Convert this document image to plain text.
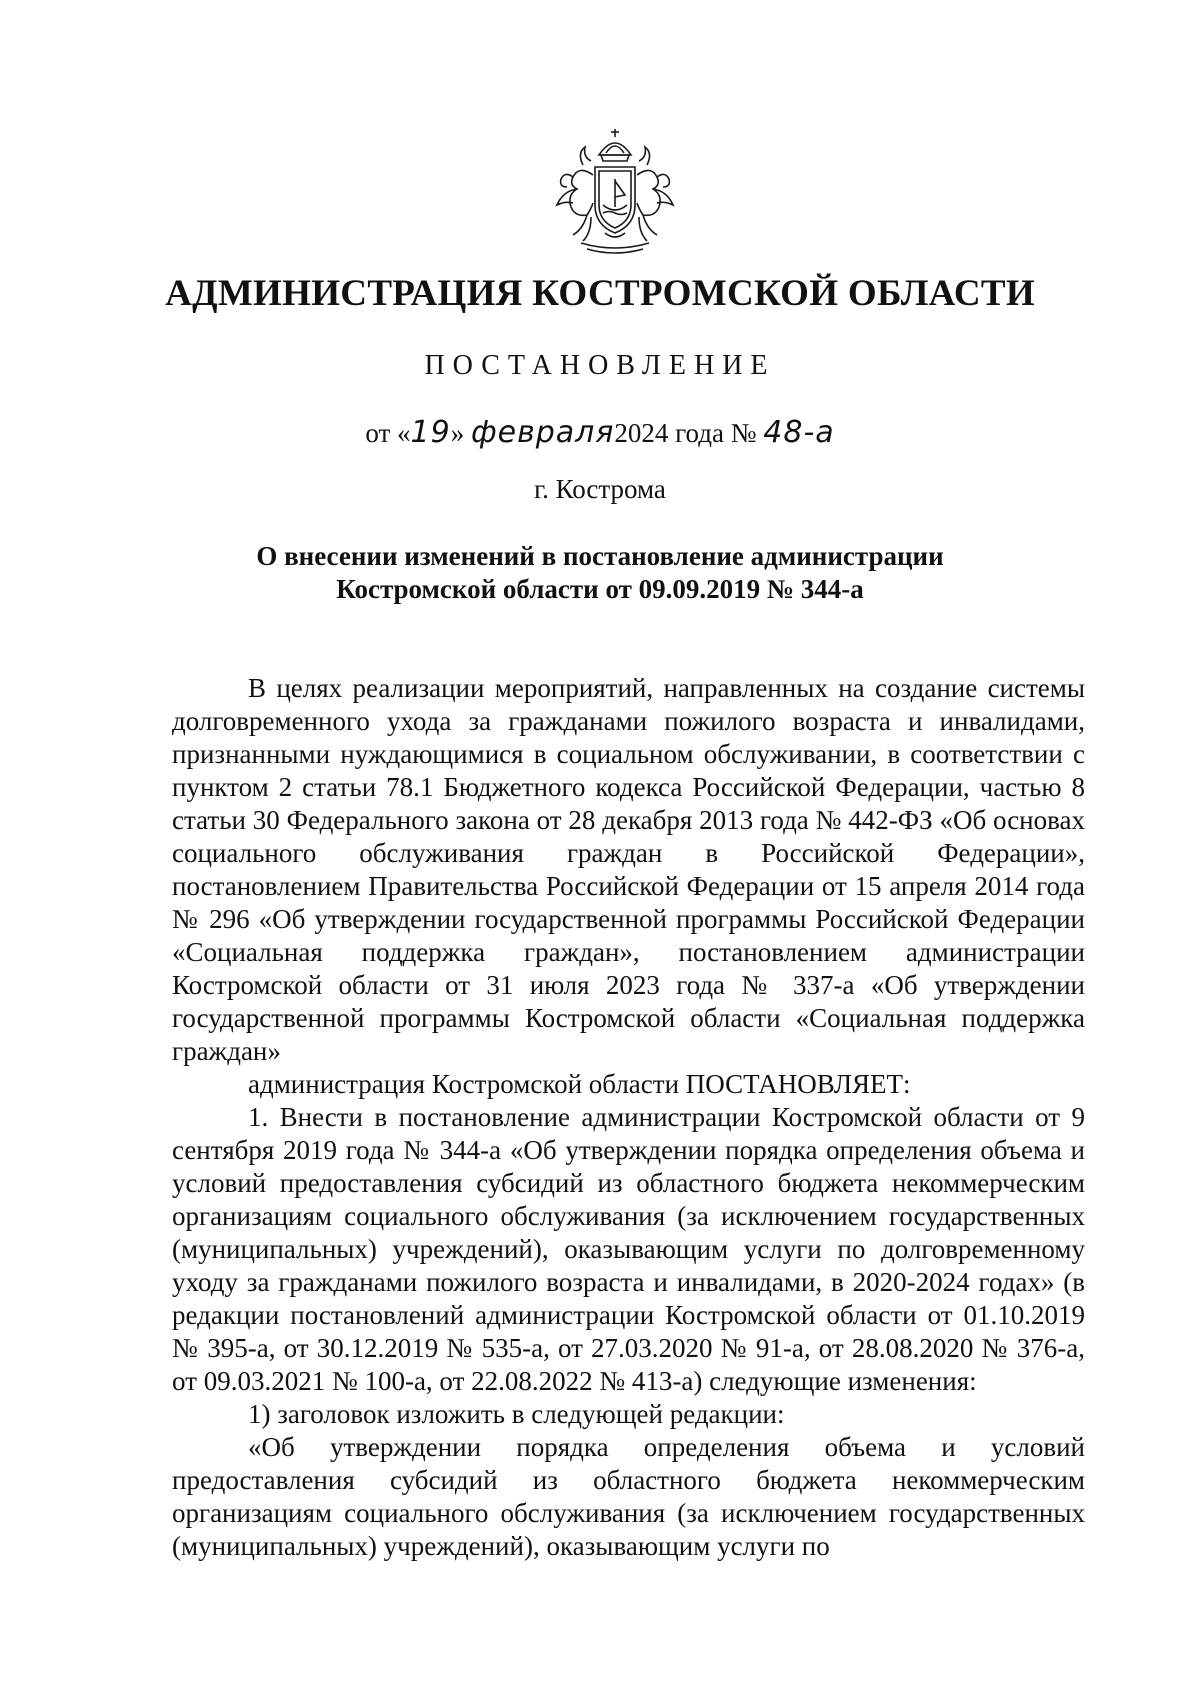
АДМИНИСТРАЦИЯ КОСТРОМСКОЙ ОБЛАСТИ
ПОСТАНОВЛЕНИЕ
от «19» февраля2024 года № 48-а
г. Кострома
О внесении изменений в постановление администрации
Костромской области от 09.09.2019 № 344-а

В целях реализации мероприятий, направленных на создание системы долговременного ухода за гражданами пожилого возраста и инвалидами, признанными нуждающимися в социальном обслуживании, в соответствии с пунктом 2 статьи 78.1 Бюджетного кодекса Российской Федерации, частью 8 статьи 30 Федерального закона от 28 декабря 2013 года № 442-ФЗ «Об основах социального обслуживания граждан в Российской Федерации», постановлением Правительства Российской Федерации от 15 апреля 2014 года № 296 «Об утверждении государственной программы Российской Федерации «Социальная поддержка граждан», постановлением администрации Костромской области от 31 июля 2023 года № 337-а «Об утверждении государственной программы Костромской области «Социальная поддержка граждан»

администрация Костромской области ПОСТАНОВЛЯЕТ:

1. Внести в постановление администрации Костромской области от 9 сентября 2019 года № 344-а «Об утверждении порядка определения объема и условий предоставления субсидий из областного бюджета некоммерческим организациям социального обслуживания (за исключением государственных (муниципальных) учреждений), оказывающим услуги по долговременному уходу за гражданами пожилого возраста и инвалидами, в 2020-2024 годах» (в редакции постановлений администрации Костромской области от 01.10.2019 № 395-а, от 30.12.2019 № 535-а, от 27.03.2020 № 91-а, от 28.08.2020 № 376-а, от 09.03.2021 № 100-а, от 22.08.2022 № 413-а) следующие изменения:

1) заголовок изложить в следующей редакции:

«Об утверждении порядка определения объема и условий предоставления субсидий из областного бюджета некоммерческим организациям социального обслуживания (за исключением государственных (муниципальных) учреждений), оказывающим услуги по
